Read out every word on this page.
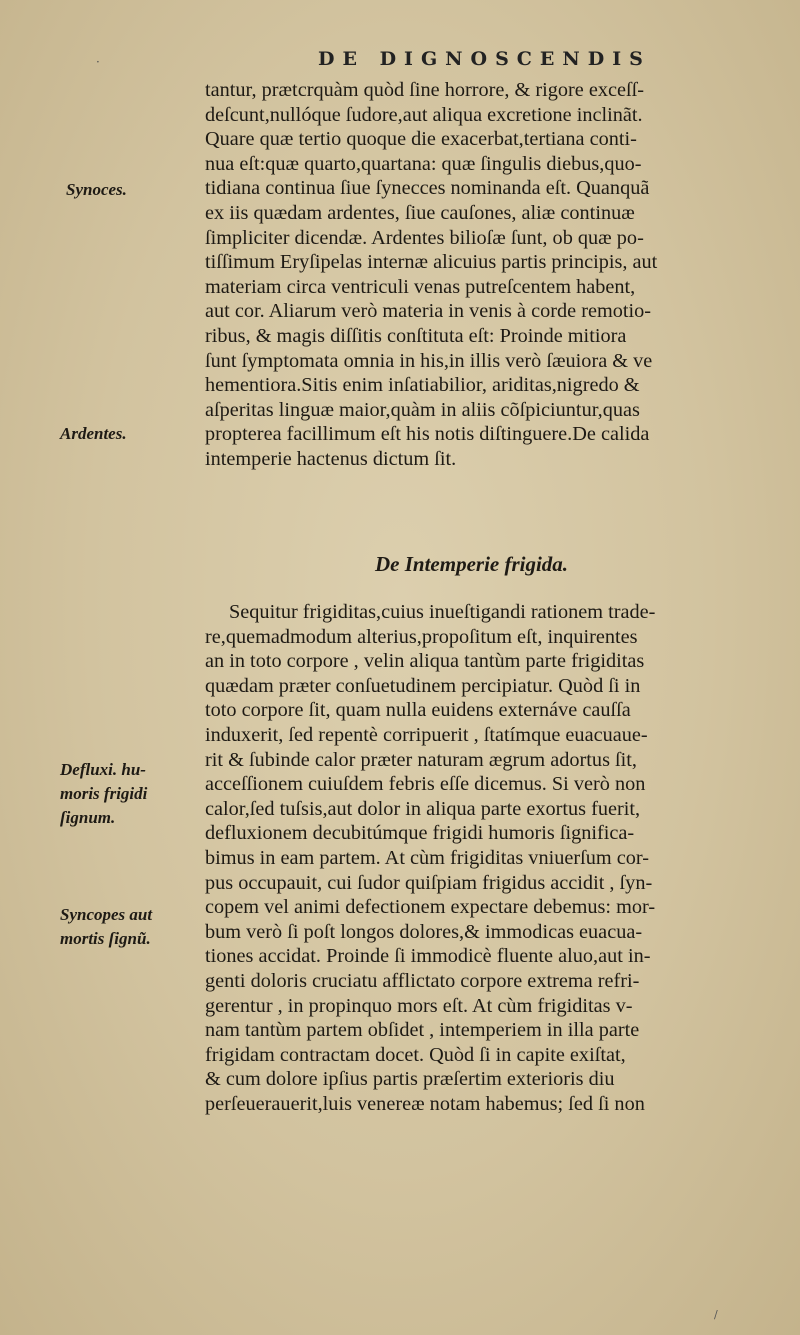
·	DE DIGNOSCENDIS
Synoces.
Ardentes.
Defluxi. hu-
moris frigidi
ſignum.
Syncopes aut
mortis ſignũ.
tantur, prætcrquàm quòd ſine horrore, & rigore exceſſ-
deſcunt,nullóque ſudore,aut aliqua excretione inclinãt.
Quare quæ tertio quoque die exacerbat,tertiana conti-
nua eſt:quæ quarto,quartana: quæ ſingulis diebus,quo-
tidiana continua ſiue ſynecces nominanda eſt. Quanquã
ex iis quædam ardentes, ſiue cauſones, aliæ continuæ
ſimpliciter dicendæ. Ardentes bilioſæ ſunt, ob quæ po-
tiſſimum Eryſipelas internæ alicuius partis principis, aut
materiam circa ventriculi venas putreſcentem habent,
aut cor. Aliarum verò materia in venis à corde remotio-
ribus, & magis diſſitis conſtituta eſt: Proinde mitiora
ſunt ſymptomata omnia in his,in illis verò ſæuiora & ve
hementiora.Sitis enim inſatiabilior, ariditas,nigredo &
aſperitas linguæ maior,quàm in aliis cõſpiciuntur,quas
propterea facillimum eſt his notis diſtinguere.De calida
intemperie hactenus dictum ſit.
De Intemperie frigida.
Sequitur frigiditas,cuius inueſtigandi rationem trade-
re,quemadmodum alterius,propoſitum eſt, inquirentes
an in toto corpore , velin aliqua tantùm parte frigiditas
quædam præter conſuetudinem percipiatur. Quòd ſi in
toto corpore ſit, quam nulla euidens externáve cauſſa
induxerit, ſed repentè corripuerit , ſtatímque euacuaue-
rit & ſubinde calor præter naturam ægrum adortus ſit,
acceſſionem cuiuſdem febris eſſe dicemus. Si verò non
calor,ſed tuſsis,aut dolor in aliqua parte exortus fuerit,
defluxionem decubitúmque frigidi humoris ſignifica-
bimus in eam partem. At cùm frigiditas vniuerſum cor-
pus occupauit, cui ſudor quiſpiam frigidus accidit , ſyn-
copem vel animi defectionem expectare debemus: mor-
bum verò ſi poſt longos dolores,& immodicas euacua-
tiones accidat. Proinde ſi immodicè fluente aluo,aut in-
genti doloris cruciatu afflictato corpore extrema refri-
gerentur , in propinquo mors eſt. At cùm frigiditas v-
nam tantùm partem obſidet , intemperiem in illa parte
frigidam contractam docet. Quòd ſi in capite exiſtat,
& cum dolore ipſius partis præſertim exterioris diu
perſeuerauerit,luis venereæ notam habemus; ſed ſi non
/
